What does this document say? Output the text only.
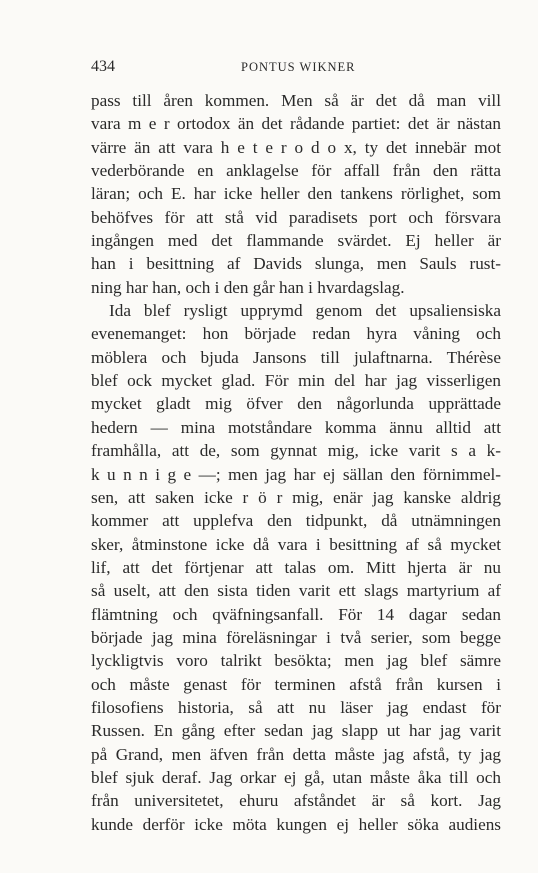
434	PONTUS WIKNER
pass till åren kommen. Men så är det då man vill
vara m e r ortodox än det rådande partiet: det är nästan
värre än att vara h e t e r o d o x, ty det innebär mot
vederbörande en anklagelse för affall från den rätta
läran; och E. har icke heller den tankens rörlighet, som
behöfves för att stå vid paradisets port och försvara
ingången med det flammande svärdet. Ej heller är
han i besittning af Davids slunga, men Sauls rust-
ning har han, och i den går han i hvardagslag.
Ida blef rysligt upprymd genom det upsaliensiska
evenemanget: hon började redan hyra våning och
möblera och bjuda Jansons till julaftnarna. Thérèse
blef ock mycket glad. För min del har jag visserligen
mycket gladt mig öfver den någorlunda upprättade
hedern — mina motståndare komma ännu alltid att
framhålla, att de, som gynnat mig, icke varit s a k-
k u n n i g e —; men jag har ej sällan den förnimmel-
sen, att saken icke r ö r mig, enär jag kanske aldrig
kommer att upplefva den tidpunkt, då utnämningen
sker, åtminstone icke då vara i besittning af så mycket
lif, att det förtjenar att talas om. Mitt hjerta är nu
så uselt, att den sista tiden varit ett slags martyrium af
flämtning och qväfningsanfall. För 14 dagar sedan
började jag mina föreläsningar i två serier, som begge
lyckligtvis voro talrikt besökta; men jag blef sämre
och måste genast för terminen afstå från kursen i
filosofiens historia, så att nu läser jag endast för
Russen. En gång efter sedan jag slapp ut har jag varit
på Grand, men äfven från detta måste jag afstå, ty jag
blef sjuk deraf. Jag orkar ej gå, utan måste åka till och
från universitetet, ehuru afståndet är så kort. Jag
kunde derför icke möta kungen ej heller söka audiens
